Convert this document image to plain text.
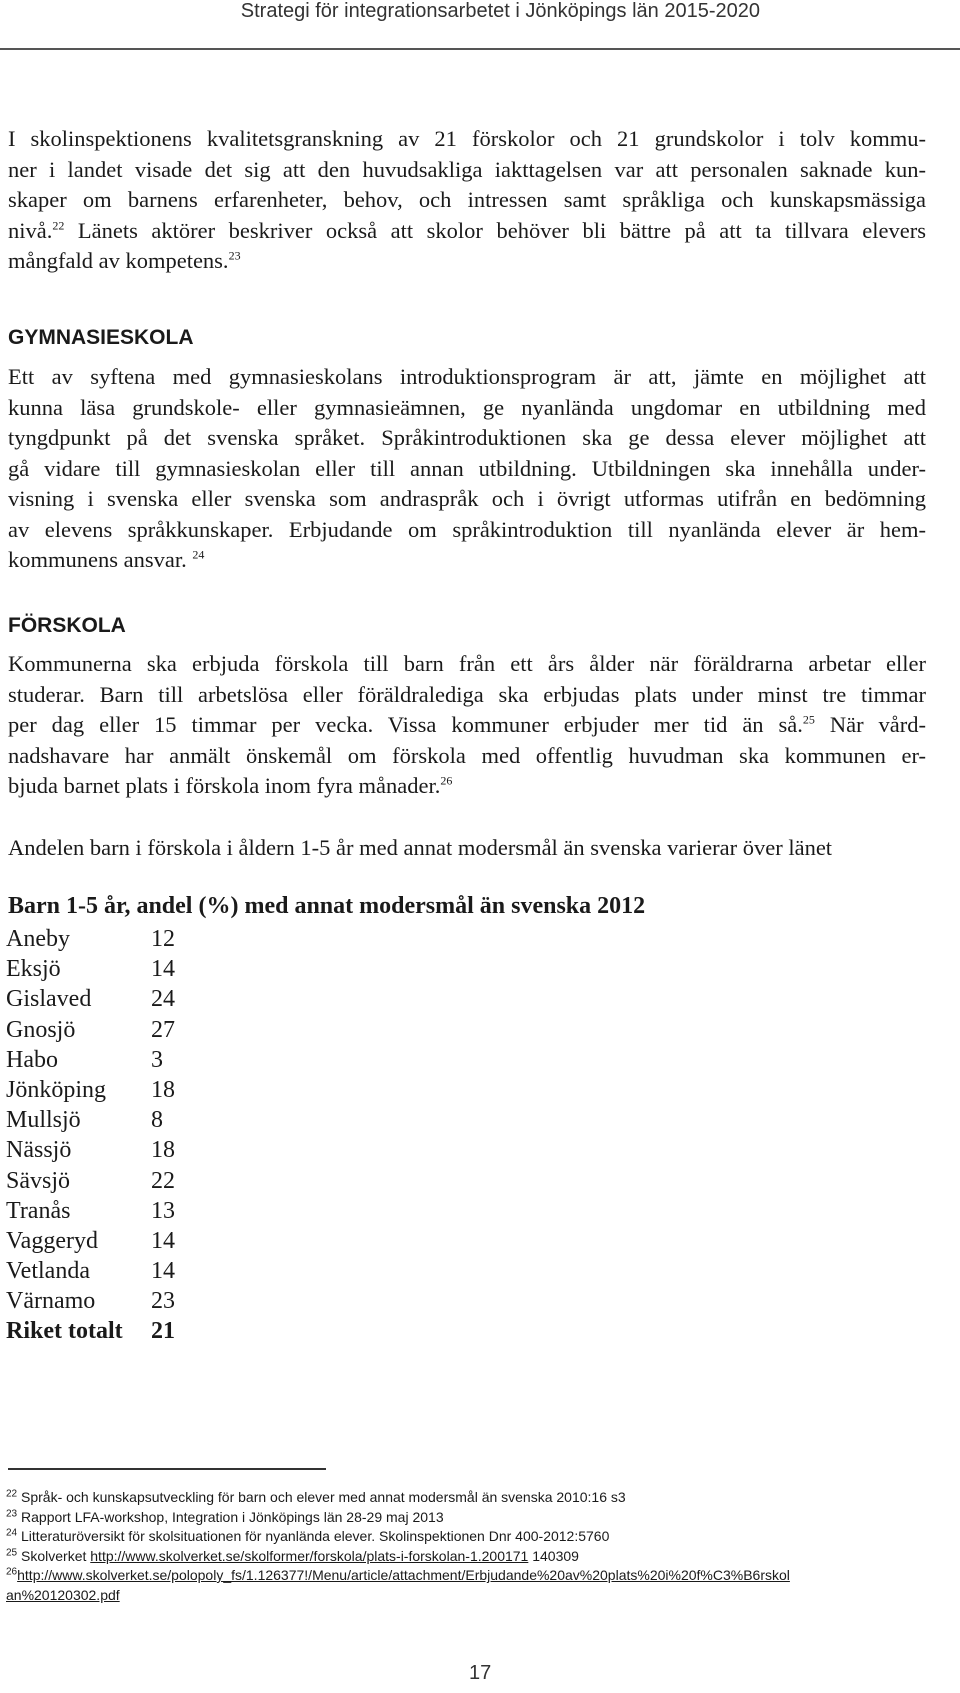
Strategi för integrationsarbetet i Jönköpings län 2015-2020
I skolinspektionens kvalitetsgranskning av 21 förskolor och 21 grundskolor i tolv kommu-
ner i landet visade det sig att den huvudsakliga iakttagelsen var att personalen saknade kun-
skaper om barnens erfarenheter, behov, och intressen samt språkliga och kunskapsmässiga
nivå.$^{22}$ Länets aktörer beskriver också att skolor behöver bli bättre på att ta tillvara elevers
mångfald av kompetens.$^{23}$
GYMNASIESKOLA
Ett av syftena med gymnasieskolans introduktionsprogram är att, jämte en möjlighet att
kunna läsa grundskole- eller gymnasieämnen, ge nyanlända ungdomar en utbildning med
tyngdpunkt på det svenska språket. Språkintroduktionen ska ge dessa elever möjlighet att
gå vidare till gymnasieskolan eller till annan utbildning. Utbildningen ska innehålla under-
visning i svenska eller svenska som andraspråk och i övrigt utformas utifrån en bedömning
av elevens språkkunskaper. Erbjudande om språkintroduktion till nyanlända elever är hem-
kommunens ansvar. $^{24}$
FÖRSKOLA
Kommunerna ska erbjuda förskola till barn från ett års ålder när föräldrarna arbetar eller
studerar. Barn till arbetslösa eller föräldralediga ska erbjudas plats under minst tre timmar
per dag eller 15 timmar per vecka. Vissa kommuner erbjuder mer tid än så.$^{25}$ När vård-
nadshavare har anmält önskemål om förskola med offentlig huvudman ska kommunen er-
bjuda barnet plats i förskola inom fyra månader.$^{26}$
Andelen barn i förskola i åldern 1-5 år med annat modersmål än svenska varierar över länet
Barn 1-5 år, andel (%) med annat modersmål än svenska 2012
Aneby	12
Eksjö	14
Gislaved 24
Gnosjö	27
Habo	3
Jönköping 18
Mullsjö	8
Nässjö	18
Sävsjö	22
Tranås	13
Vaggeryd 14
Vetlanda	14
Värnamo 23
Riket totalt 21
$^{22}$ Språk- och kunskapsutveckling för barn och elever med annat modersmål än svenska 2010:16 s3
$^{23}$ Rapport LFA-workshop, Integration i Jönköpings län 28-29 maj 2013
$^{24}$ Litteraturöversikt för skolsituationen för nyanlända elever. Skolinspektionen Dnr 400-2012:5760
$^{25}$ Skolverket http://www.skolverket.se/skolformer/forskola/plats-i-forskolan-1.200171 140309
$^{26}$http://www.skolverket.se/polopoly_fs/1.126377!/Menu/article/attachment/Erbjudande%20av%20plats%20i%20f%C3%B6rskol
an%20120302.pdf
17
